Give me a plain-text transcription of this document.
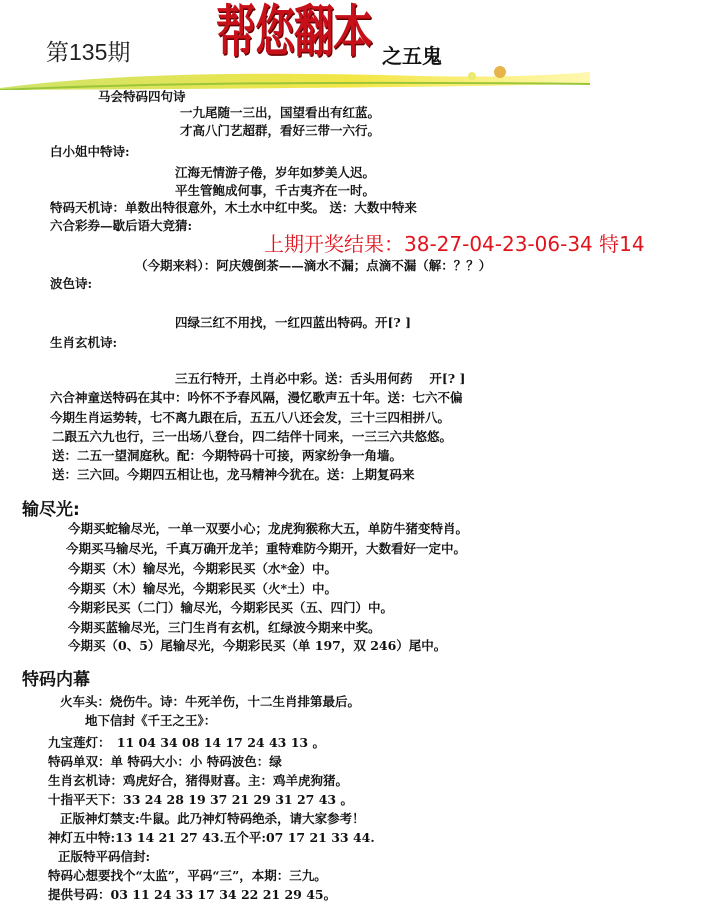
第135期 帮您翻本 之五鬼
上期开奖结果：38-27-04-23-06-34 特14
马会特码四句诗
一九尾随一三出，国望看出有红蓝。
才高八门艺超群，看好三带一六行。
白小姐中特诗:
江海无情游子倦，岁年如梦美人迟。
平生管鲍成何事，千古夷齐在一时。
特码天机诗：单数出特很意外，木土水中红中奖。 送：大数中特来
六合彩券—歇后语大竞猜:
（今期来料）：阿庆嫂倒茶——滴水不漏；点滴不漏（解：？？）
波色诗:
四绿三红不用找，一红四蓝出特码。开[? ]
生肖玄机诗:
三五行特开，土肖必中彩。送：舌头用何药　 开[? ]
六合神童送特码在其中：吟怀不予春风隔，漫忆歌声五十年。送：七六不偏
今期生肖运势转，七不离九跟在后，五五八八还会发，三十三四相拼八。
二跟五六九也行，三一出场八登台，四二结伴十同来，一三三六共悠悠。
送：二五一望洞庭秋。配：今期特码十可接，两家纷争一角墙。
送：三六回。今期四五相让也，龙马精神今犹在。送：上期复码来
输尽光:
今期买蛇输尽光，一单一双要小心；龙虎狗猴称大五，单防牛猪变特肖。
今期买马输尽光，千真万确开龙羊；重特难防今期开，大数看好一定中。
今期买（木）输尽光，今期彩民买（水*金）中。
今期买（木）输尽光，今期彩民买（火*土）中。
今期彩民买（二门）输尽光，今期彩民买（五、四门）中。
今期买蓝输尽光，三门生肖有玄机，红绿波今期来中奖。
今期买（0、5）尾输尽光，今期彩民买（单 197，双 246）尾中。
特码内幕
火车头：烧伤牛。诗：牛死羊伤，十二生肖排第最后。
地下信封《千王之王》：
九宝莲灯：　11 04 34 08 14 17 24 43 13 。
特码单双：单 特码大小：小 特码波色：绿
生肖玄机诗：鸡虎好合，猪得财喜。主：鸡羊虎狗猪。
十指平天下：33 24 28 19 37 21 29 31 27 43 。
正版神灯禁支:牛鼠。此乃神灯特码绝杀，请大家参考！
神灯五中特:13 14 21 27 43.五个平:07 17 21 33 44.
正版特平码信封:
特码心想要找个“太监”，平码“三”，本期：三九。
提供号码：03 11 24 33 17 34 22 21 29 45。
